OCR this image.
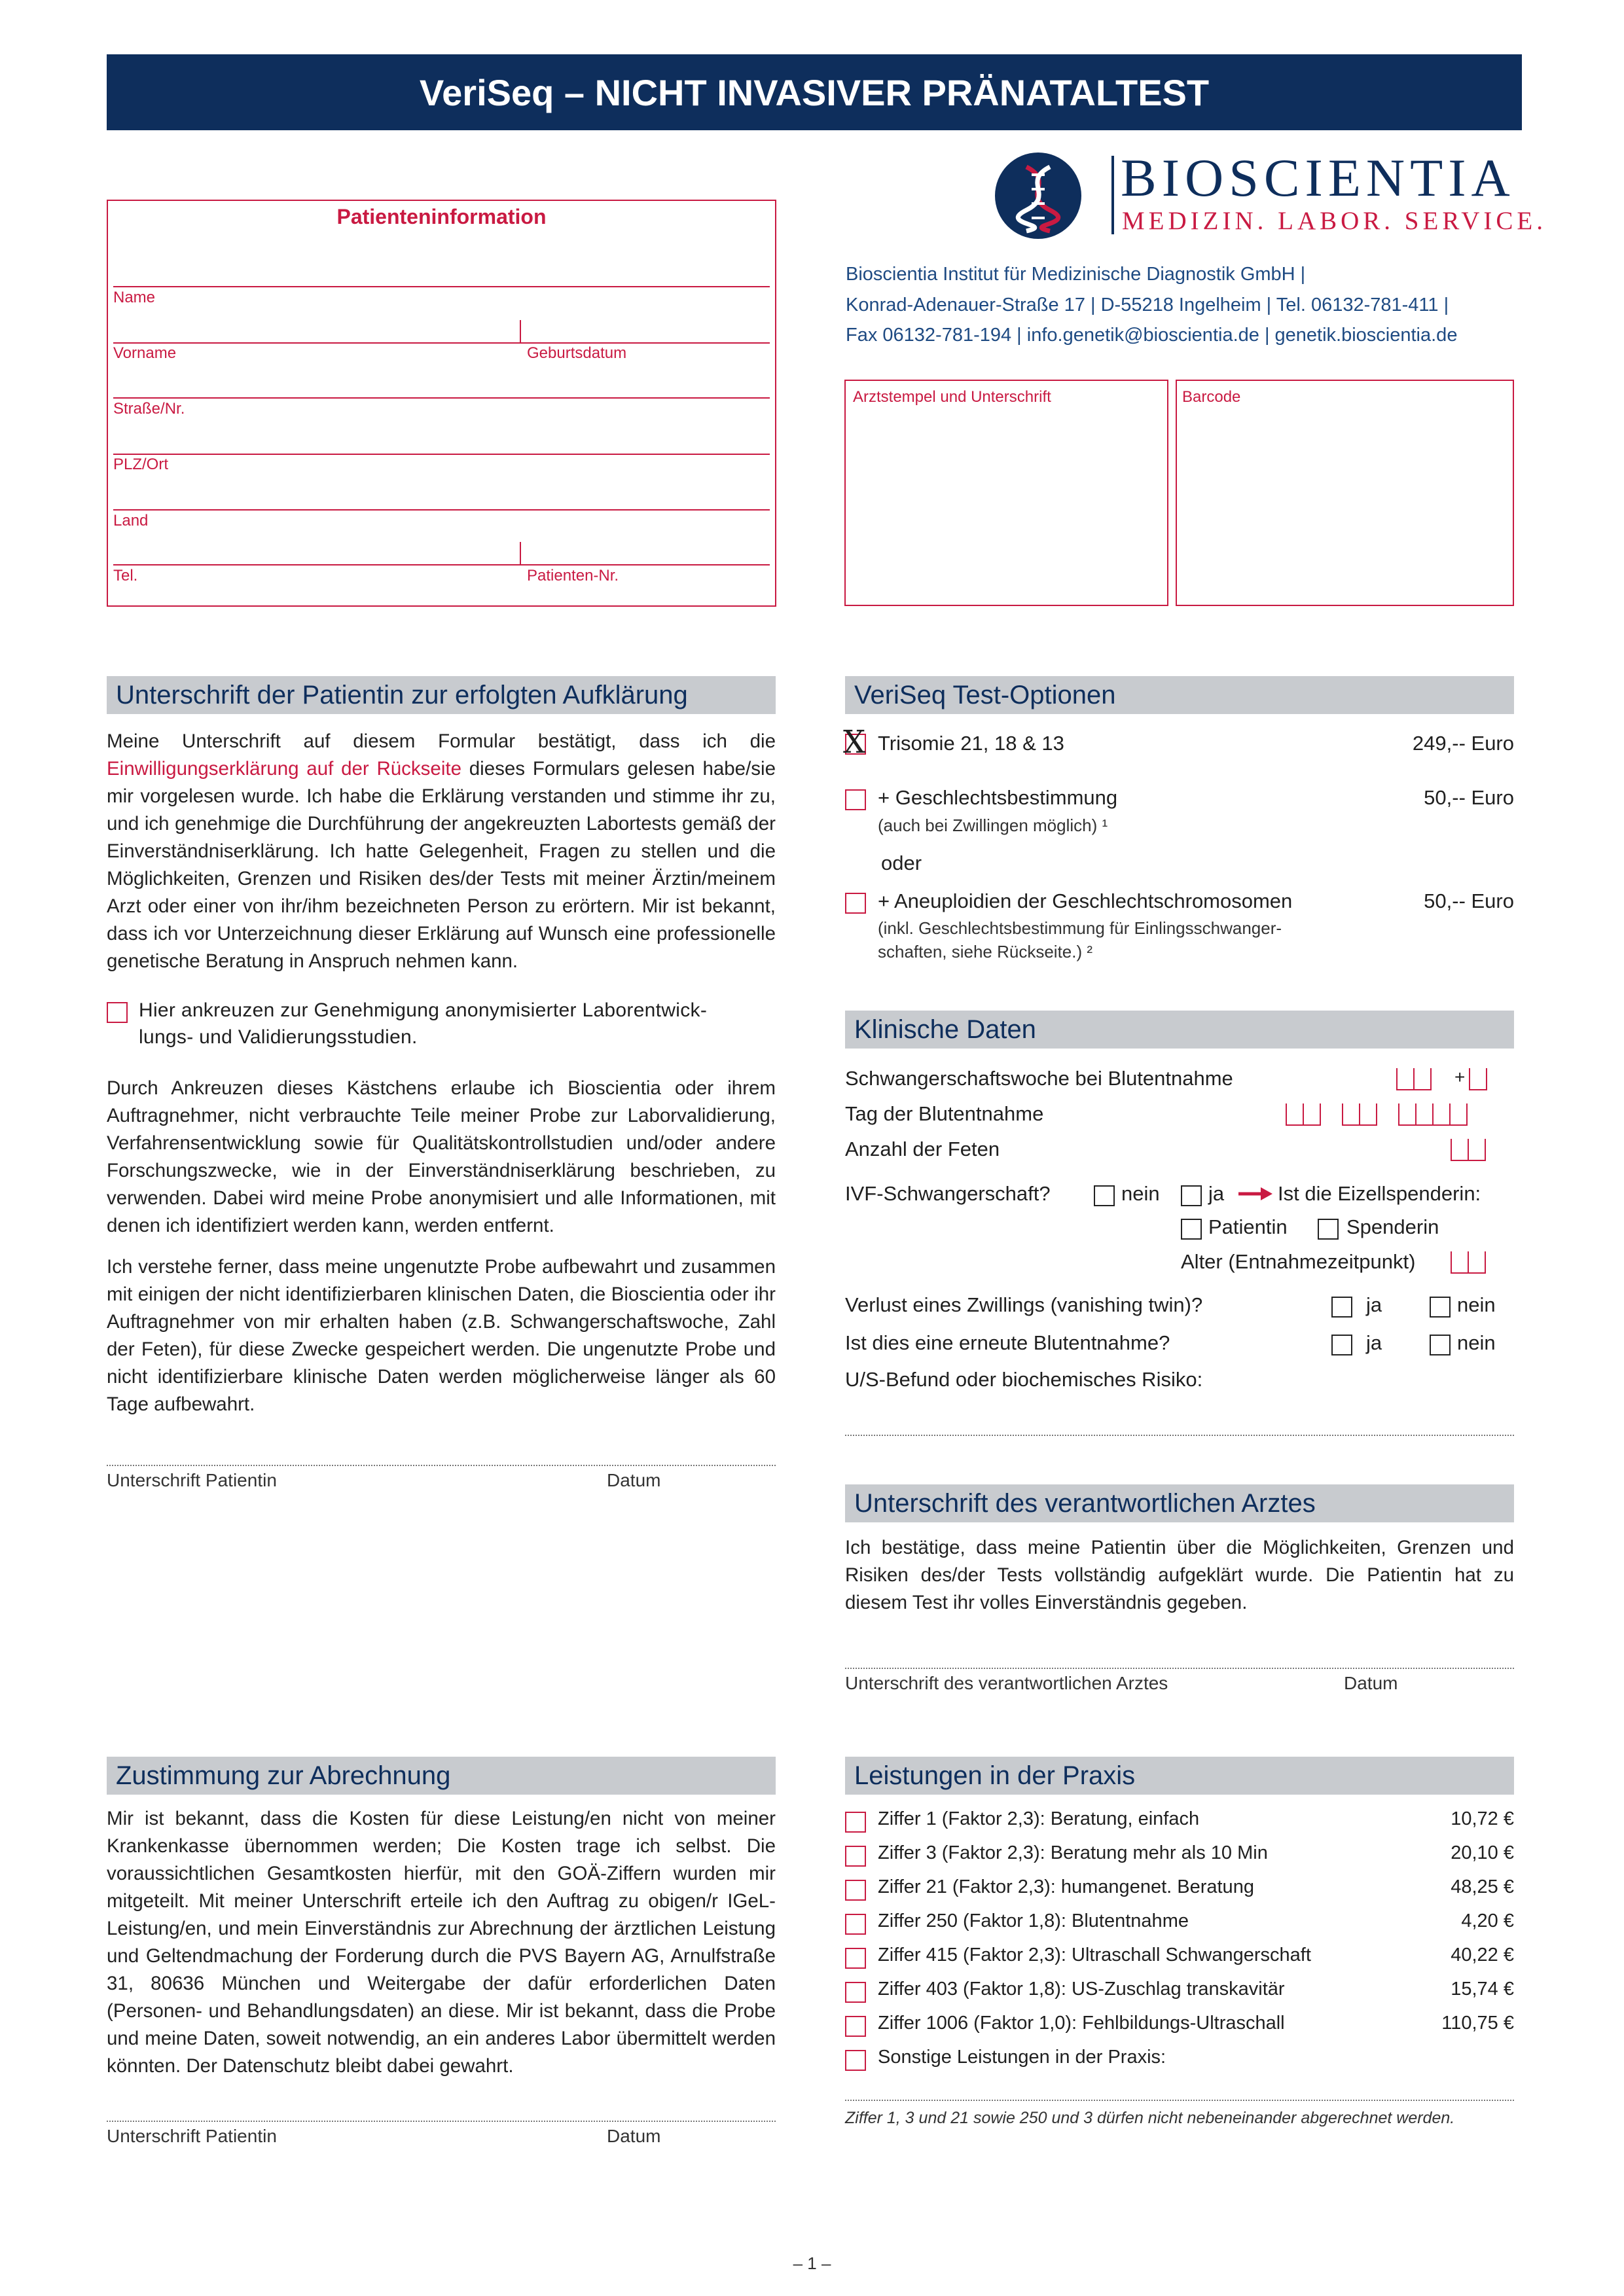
VeriSeq – NICHT INVASIVER PRÄNATALTEST
BIOSCIENTIA
MEDIZIN. LABOR. SERVICE.
Bioscientia Institut für Medizinische Diagnostik GmbH |
Konrad-Adenauer-Straße 17 | D-55218 Ingelheim | Tel. 06132-781-411 |
Fax 06132-781-194 | info.genetik@bioscientia.de | genetik.bioscientia.de
Patienteninformation
Name
Vorname	Geburtsdatum
Straße/Nr.
PLZ/Ort
Land
Tel.	Patienten-Nr.
Arztstempel und Unterschrift	Barcode
Unterschrift der Patientin zur erfolgten Aufklärung
Meine Unterschrift auf diesem Formular bestätigt, dass ich die Einwilligungserklärung auf der Rückseite dieses Formulars gelesen habe/sie mir vorgelesen wurde. Ich habe die Erklärung verstanden und stimme ihr zu, und ich genehmige die Durchführung der angekreuzten Labortests gemäß der Einverständniserklärung. Ich hatte Gelegenheit, Fragen zu stellen und die Möglichkeiten, Grenzen und Risiken des/der Tests mit meiner Ärztin/meinem Arzt oder einer von ihr/ihm bezeichneten Person zu erörtern. Mir ist bekannt, dass ich vor Unterzeichnung dieser Erklärung auf Wunsch eine professionelle genetische Beratung in Anspruch nehmen kann.
Hier ankreuzen zur Genehmigung anonymisierter Laborentwick-
lungs- und Validierungsstudien.
Durch Ankreuzen dieses Kästchens erlaube ich Bioscientia oder ihrem Auftragnehmer, nicht verbrauchte Teile meiner Probe zur Laborvalidierung, Verfahrensentwicklung sowie für Qualitätskontrollstudien und/oder andere Forschungszwecke, wie in der Einverständniserklärung beschrieben, zu verwenden. Dabei wird meine Probe anonymisiert und alle Informationen, mit denen ich identifiziert werden kann, werden entfernt.
Ich verstehe ferner, dass meine ungenutzte Probe aufbewahrt und zusammen mit einigen der nicht identifizierbaren klinischen Daten, die Bioscientia oder ihr Auftragnehmer von mir erhalten haben (z.B. Schwangerschaftswoche, Zahl der Feten), für diese Zwecke gespeichert werden. Die ungenutzte Probe und nicht identifizierbare klinische Daten werden möglicherweise länger als 60 Tage aufbewahrt.
Unterschrift Patientin	Datum
Zustimmung zur Abrechnung
Mir ist bekannt, dass die Kosten für diese Leistung/en nicht von meiner Krankenkasse übernommen werden; Die Kosten trage ich selbst. Die voraussichtlichen Gesamtkosten hierfür, mit den GOÄ-Ziffern wurden mir mitgeteilt. Mit meiner Unterschrift erteile ich den Auftrag zu obigen/r IGeL-Leistung/en, und mein Einverständnis zur Abrechnung der ärztlichen Leistung und Geltendmachung der Forderung durch die PVS Bayern AG, Arnulfstraße 31, 80636 München und Weitergabe der dafür erforderlichen Daten (Personen- und Behandlungsdaten) an diese. Mir ist bekannt, dass die Probe und meine Daten, soweit notwendig, an ein anderes Labor übermittelt werden könnten. Der Datenschutz bleibt dabei gewahrt.
Unterschrift Patientin	Datum
VeriSeq Test-Optionen
X Trisomie 21, 18 & 13	249,-- Euro
+ Geschlechtsbestimmung	50,-- Euro
(auch bei Zwillingen möglich) ¹
oder
+ Aneuploidien der Geschlechtschromosomen	50,-- Euro
(inkl. Geschlechtsbestimmung für Einlingsschwanger-
schaften, siehe Rückseite.) ²
Klinische Daten
Schwangerschaftswoche bei Blutentnahme	+
Tag der Blutentnahme
Anzahl der Feten
IVF-Schwangerschaft?	nein ja	Ist die Eizellspenderin:
Patientin	Spenderin
Alter (Entnahmezeitpunkt)
Verlust eines Zwillings (vanishing twin)?	ja	nein
Ist dies eine erneute Blutentnahme?	ja	nein
U/S-Befund oder biochemisches Risiko:
Unterschrift des verantwortlichen Arztes
Ich bestätige, dass meine Patientin über die Möglichkeiten, Grenzen und Risiken des/der Tests vollständig aufgeklärt wurde. Die Patientin hat zu diesem Test ihr volles Einverständnis gegeben.
Unterschrift des verantwortlichen Arztes	Datum
Leistungen in der Praxis
Ziffer 1 (Faktor 2,3): Beratung, einfach	10,72 €
Ziffer 3 (Faktor 2,3): Beratung mehr als 10 Min	20,10 €
Ziffer 21 (Faktor 2,3): humangenet. Beratung	48,25 €
Ziffer 250 (Faktor 1,8): Blutentnahme	4,20 €
Ziffer 415 (Faktor 2,3): Ultraschall Schwangerschaft	40,22 €
Ziffer 403 (Faktor 1,8): US-Zuschlag transkavitär	15,74 €
Ziffer 1006 (Faktor 1,0): Fehlbildungs-Ultraschall	110,75 €
Sonstige Leistungen in der Praxis:
Ziffer 1, 3 und 21 sowie 250 und 3 dürfen nicht nebeneinander abgerechnet werden.
– 1 –
